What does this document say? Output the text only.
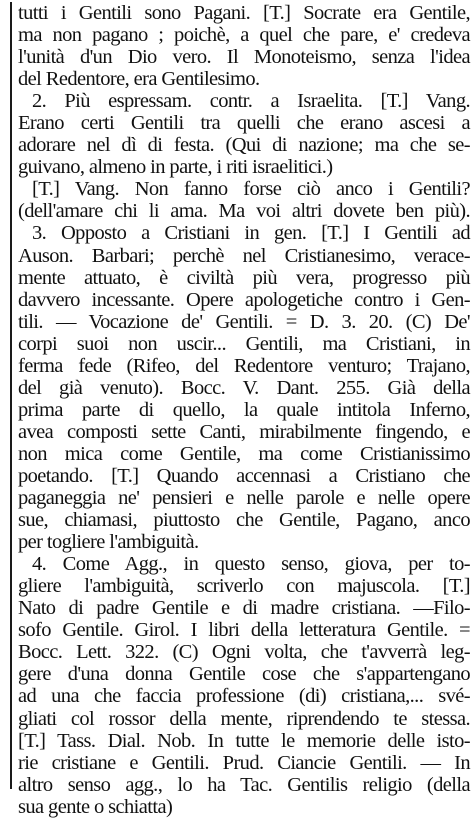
tutti i Gentili sono Pagani. [T.] Socrate era Gentile,
ma non pagano ; poichè, a quel che pare, e' credeva
l'unità d'un Dio vero. Il Monoteismo, senza l'idea
del Redentore, era Gentilesimo.
2. Più espressam. contr. a Israelita. [T.] Vang.
Erano certi Gentili tra quelli che erano ascesi a
adorare nel dì di festa. (Qui di nazione; ma che se-
guivano, almeno in parte, i riti israelitici.)
[T.] Vang. Non fanno forse ciò anco i Gentili?
(dell'amare chi li ama. Ma voi altri dovete ben più).
3. Opposto a Cristiani in gen. [T.] I Gentili ad
Auson. Barbari; perchè nel Cristianesimo, verace-
mente attuato, è civiltà più vera, progresso più
davvero incessante. Opere apologetiche contro i Gen-
tili. — Vocazione de' Gentili. = D. 3. 20. (C) De'
corpi suoi non uscir... Gentili, ma Cristiani, in
ferma fede (Rifeo, del Redentore venturo; Trajano,
del già venuto). Bocc. V. Dant. 255. Già della
prima parte di quello, la quale intitola Inferno,
avea composti sette Canti, mirabilmente fingendo, e
non mica come Gentile, ma come Cristianissimo
poetando. [T.] Quando accennasi a Cristiano che
paganeggia ne' pensieri e nelle parole e nelle opere
sue, chiamasi, piuttosto che Gentile, Pagano, anco
per togliere l'ambiguità.
4. Come Agg., in questo senso, giova, per to-
gliere l'ambiguità, scriverlo con majuscola. [T.]
Nato di padre Gentile e di madre cristiana. —Filo-
sofo Gentile. Girol. I libri della letteratura Gentile. =
Bocc. Lett. 322. (C) Ogni volta, che t'avverrà leg-
gere d'una donna Gentile cose che s'appartengano
ad una che faccia professione (di) cristiana,... své-
gliati col rossor della mente, riprendendo te stessa.
[T.] Tass. Dial. Nob. In tutte le memorie delle isto-
rie cristiane e Gentili. Prud. Ciancie Gentili. — In
altro senso agg., lo ha Tac. Gentilis religio (della
sua gente o schiatta)
